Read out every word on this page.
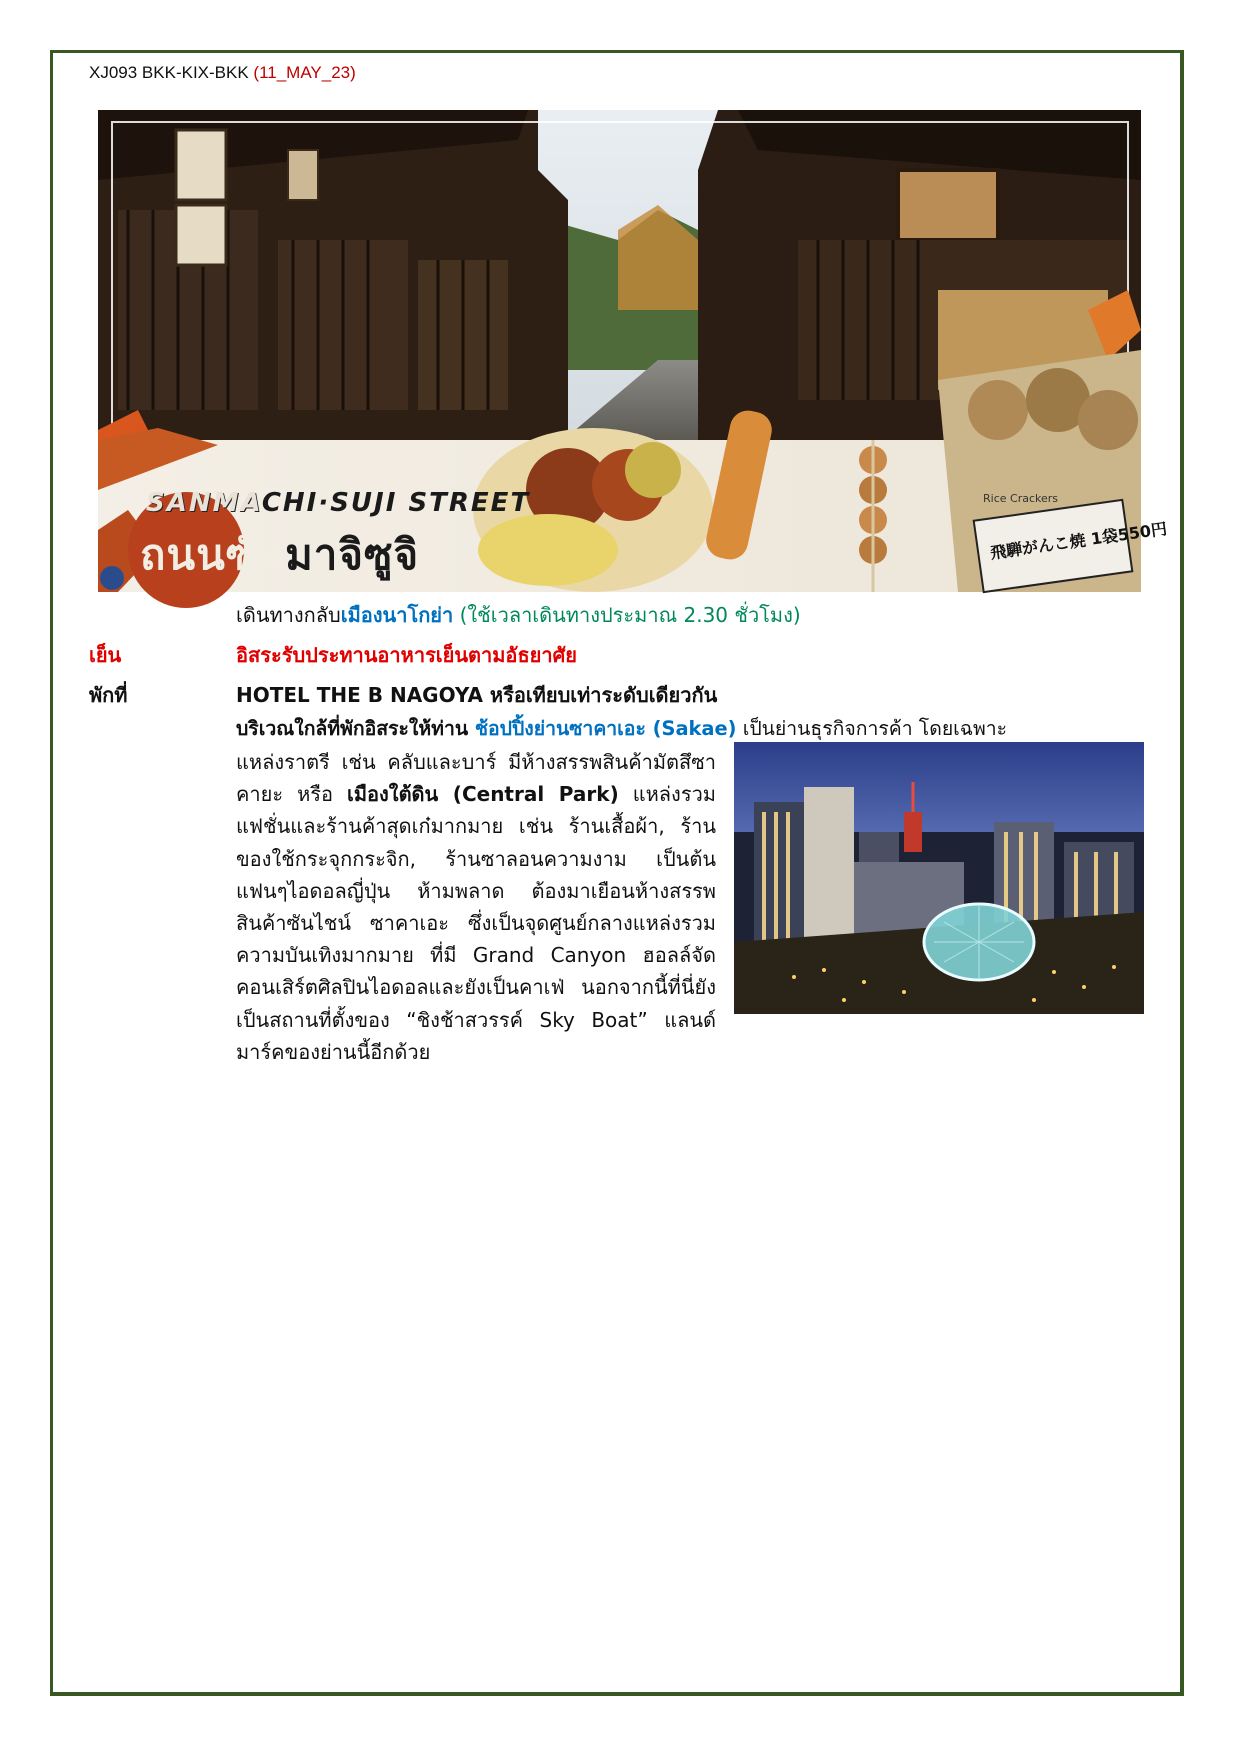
XJ093 BKK-KIX-BKK (11_MAY_23)
Rice Crackers
飛騨がんこ焼 1袋550円
SANMACHI·SUJI STREET
ถนนซันมาจิซูจิ
เดินทางกลับเมืองนาโกย่า (ใช้เวลาเดินทางประมาณ 2.30 ชั่วโมง)
เย็น	อิสระรับประทานอาหารเย็นตามอัธยาศัย
พักที่	HOTEL THE B NAGOYA หรือเทียบเท่าระดับเดียวกัน
บริเวณใกล้ที่พักอิสระให้ท่าน ช้อปปิ้งย่านซาคาเอะ (Sakae) เป็นย่านธุรกิจการค้า โดยเฉพาะ
แหล่งราตรี เช่น คลับและบาร์ มีห้างสรรพสินค้ามัตสึซาคายะ หรือ เมืองใต้ดิน (Central Park) แหล่งรวมแฟชั่นและร้านค้าสุดเก๋มากมาย เช่น ร้านเสื้อผ้า, ร้านของใช้กระจุกกระจิก, ร้านซาลอนความงาม เป็นต้น แฟนๆไอดอลญี่ปุ่น ห้ามพลาด ต้องมาเยือนห้างสรรพสินค้าซันไชน์ ซาคาเอะ ซึ่งเป็นจุดศูนย์กลางแหล่งรวมความบันเทิงมากมาย ที่มี Grand Canyon ฮอลล์จัดคอนเสิร์ตศิลปินไอดอลและยังเป็นคาเฟ่ นอกจากนี้ที่นี่ยังเป็นสถานที่ตั้งของ “ชิงช้าสวรรค์ Sky Boat” แลนด์มาร์คของย่านนี้อีกด้วย
